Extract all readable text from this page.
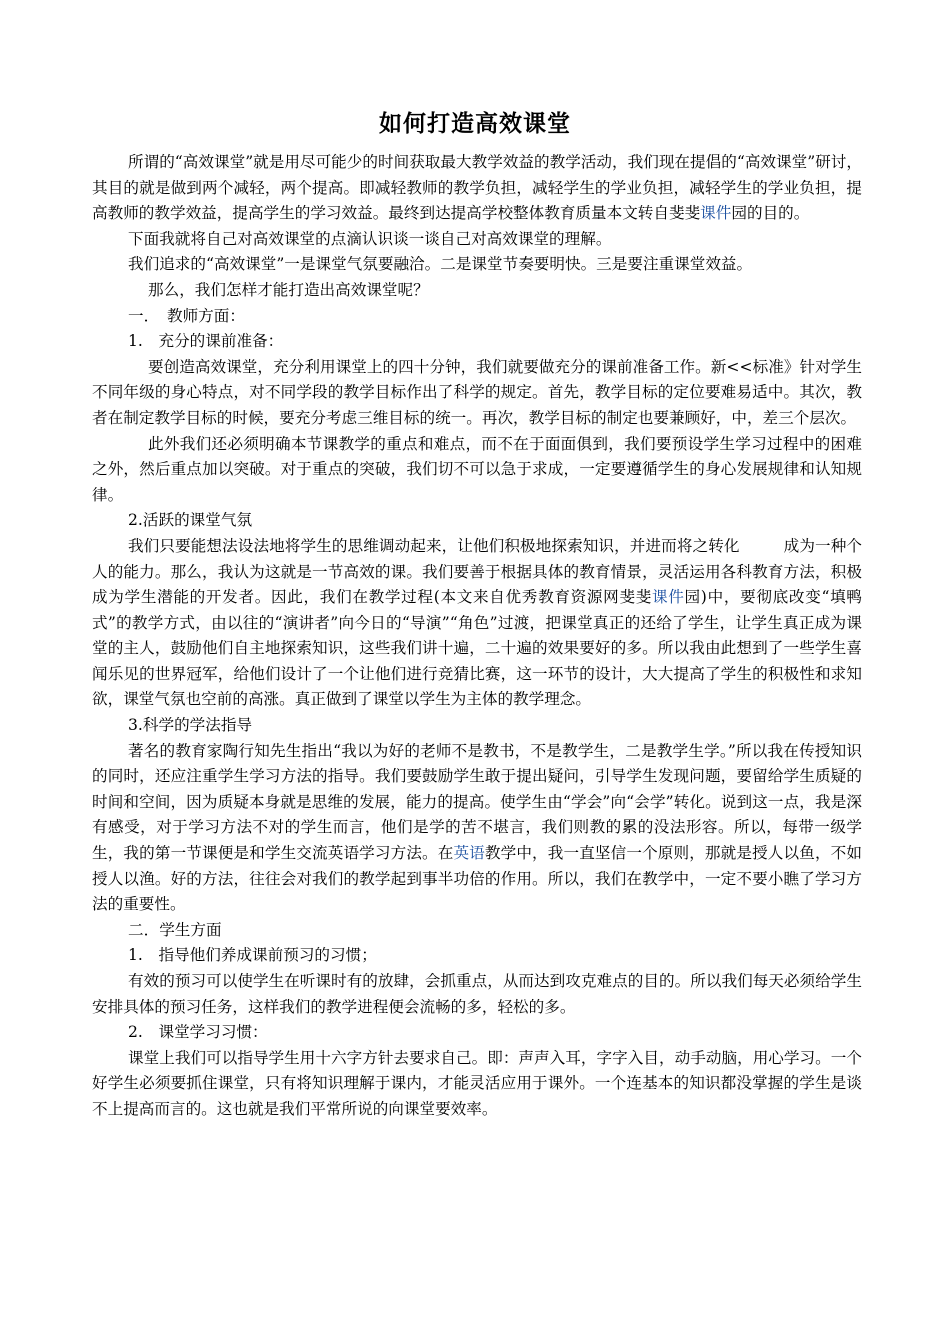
如何打造高效课堂

所谓的“高效课堂”就是用尽可能少的时间获取最大教学效益的教学活动，我们现在提倡的“高效课堂”研讨，其目的就是做到两个减轻，两个提高。即减轻教师的教学负担，减轻学生的学业负担，减轻学生的学业负担，提高教师的教学效益，提高学生的学习效益。最终到达提高学校整体教育质量本文转自斐斐课件园的目的。

下面我就将自己对高效课堂的点滴认识谈一谈自己对高效课堂的理解。

我们追求的“高效课堂”一是课堂气氛要融洽。二是课堂节奏要明快。三是要注重课堂效益。

那么，我们怎样才能打造出高效课堂呢？

一．　教师方面：

1.　充分的课前准备：

要创造高效课堂，充分利用课堂上的四十分钟，我们就要做充分的课前准备工作。新<<标准》针对学生不同年级的身心特点，对不同学段的教学目标作出了科学的规定。首先，教学目标的定位要难易适中。其次，教者在制定教学目标的时候，要充分考虑三维目标的统一。再次，教学目标的制定也要兼顾好，中，差三个层次。

此外我们还必须明确本节课教学的重点和难点，而不在于面面俱到，我们要预设学生学习过程中的困难之外，然后重点加以突破。对于重点的突破，我们切不可以急于求成，一定要遵循学生的身心发展规律和认知规律。

2.活跃的课堂气氛

我们只要能想法设法地将学生的思维调动起来，让他们积极地探索知识，并进而将之转化	成为一种个人的能力。那么，我认为这就是一节高效的课。我们要善于根据具体的教育情景，灵活运用各科教育方法，积极成为学生潜能的开发者。因此，我们在教学过程(本文来自优秀教育资源网斐斐课件园)中，要彻底改变“填鸭式”的教学方式，由以往的“演讲者”向今日的“导演”“角色”过渡，把课堂真正的还给了学生，让学生真正成为课堂的主人，鼓励他们自主地探索知识，这些我们讲十遍，二十遍的效果要好的多。所以我由此想到了一些学生喜闻乐见的世界冠军，给他们设计了一个让他们进行竞猜比赛，这一环节的设计，大大提高了学生的积极性和求知欲，课堂气氛也空前的高涨。真正做到了课堂以学生为主体的教学理念。

3.科学的学法指导

著名的教育家陶行知先生指出“我以为好的老师不是教书，不是教学生，二是教学生学。”所以我在传授知识的同时，还应注重学生学习方法的指导。我们要鼓励学生敢于提出疑问，引导学生发现问题，要留给学生质疑的时间和空间，因为质疑本身就是思维的发展，能力的提高。使学生由“学会”向“会学”转化。说到这一点，我是深有感受，对于学习方法不对的学生而言，他们是学的苦不堪言，我们则教的累的没法形容。所以，每带一级学生，我的第一节课便是和学生交流英语学习方法。在英语教学中，我一直坚信一个原则，那就是授人以鱼，不如授人以渔。好的方法，往往会对我们的教学起到事半功倍的作用。所以，我们在教学中，一定不要小瞧了学习方法的重要性。

二．学生方面

1.　指导他们养成课前预习的习惯；

有效的预习可以使学生在听课时有的放肆，会抓重点，从而达到攻克难点的目的。所以我们每天必须给学生安排具体的预习任务，这样我们的教学进程便会流畅的多，轻松的多。

2.　课堂学习习惯：

课堂上我们可以指导学生用十六字方针去要求自己。即：声声入耳，字字入目，动手动脑，用心学习。一个好学生必须要抓住课堂，只有将知识理解于课内，才能灵活应用于课外。一个连基本的知识都没掌握的学生是谈不上提高而言的。这也就是我们平常所说的向课堂要效率。
